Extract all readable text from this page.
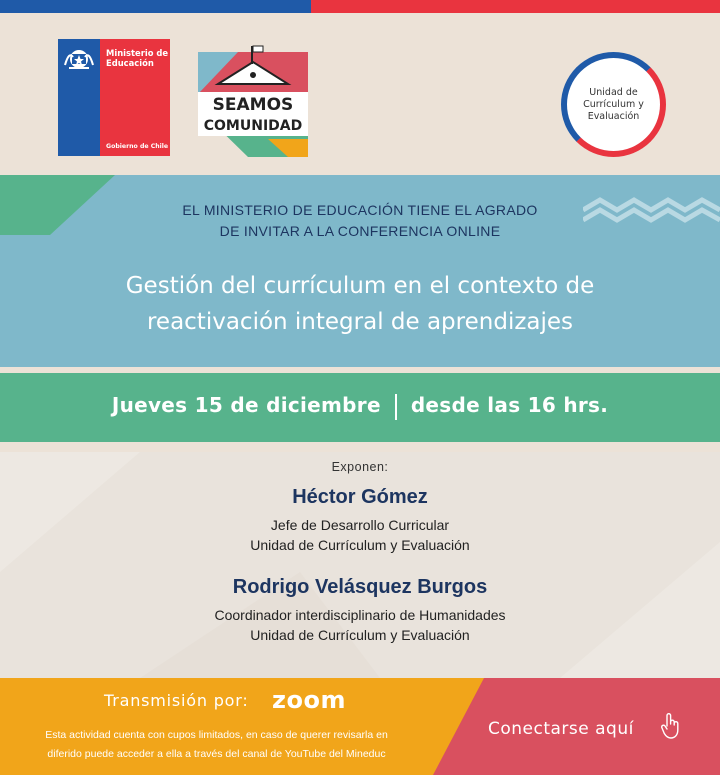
Ministerio de
Educación
Gobierno de Chile
SEAMOS
COMUNIDAD
Unidad de
Currículum y
Evaluación
EL MINISTERIO DE EDUCACIÓN TIENE EL AGRADO
DE INVITAR A LA CONFERENCIA ONLINE
Gestión del currículum en el contexto de
reactivación integral de aprendizajes
Jueves 15 de diciembre desde las 16 hrs.
Exponen:
Héctor Gómez
Jefe de Desarrollo Curricular
Unidad de Currículum y Evaluación
Rodrigo Velásquez Burgos
Coordinador interdisciplinario de Humanidades
Unidad de Currículum y Evaluación
Transmisión por: zoom
Esta actividad cuenta con cupos limitados, en caso de querer revisarla en
diferido puede acceder a ella a través del canal de YouTube del Mineduc
Conectarse aquí
